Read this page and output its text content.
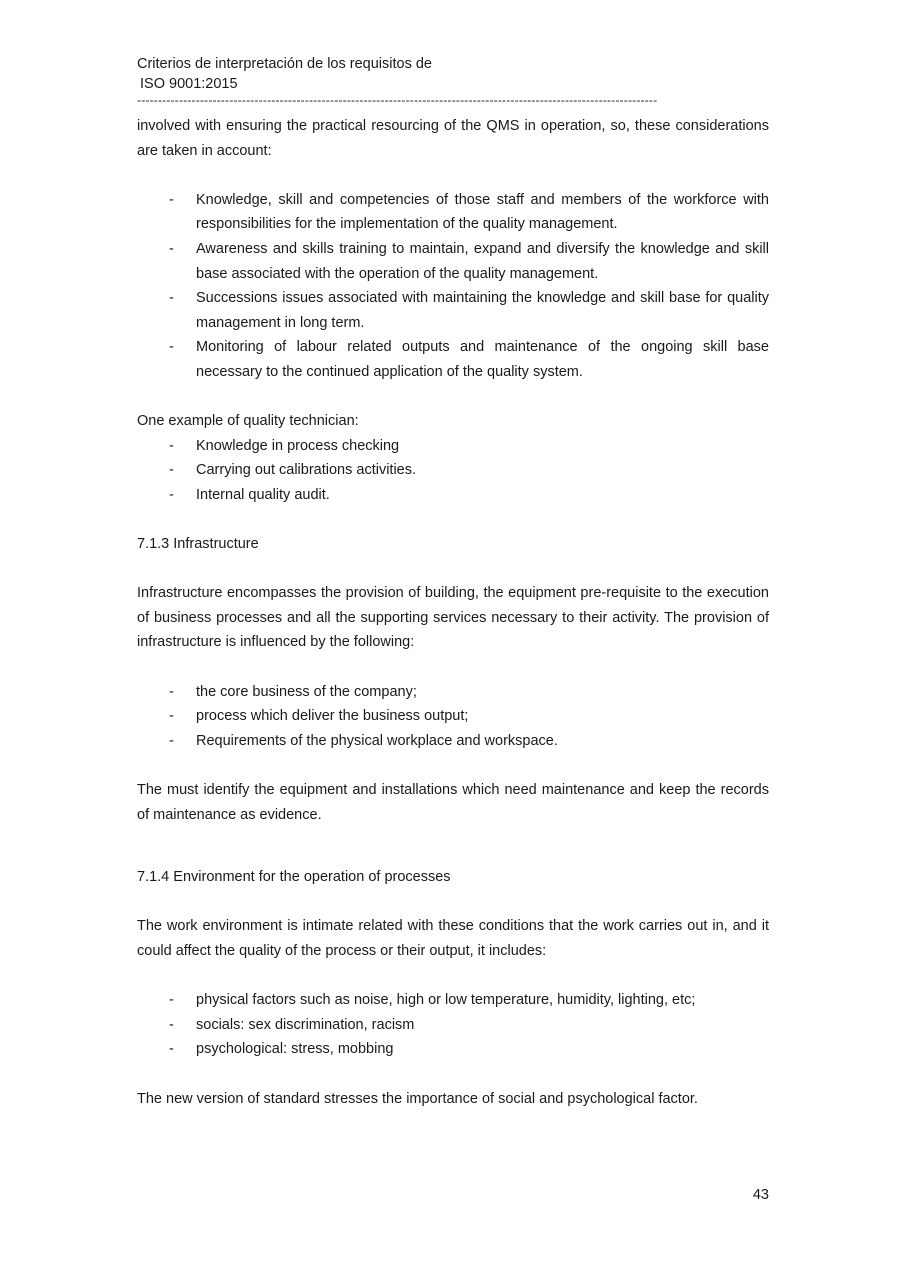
Criterios de interpretación de los requisitos de
ISO 9001:2015
----------------------------------------------------------------------------------------------------------------------------

involved with ensuring the practical resourcing of the QMS in operation, so, these considerations are taken in account:

- Knowledge, skill and competencies of those staff and members of the workforce with responsibilities for the implementation of the quality management.
- Awareness and skills training to maintain, expand and diversify the knowledge and skill base associated with the operation of the quality management.
- Successions issues associated with maintaining the knowledge and skill base for quality management in long term.
- Monitoring of labour related outputs and maintenance of the ongoing skill base necessary to the continued application of the quality system.

One example of quality technician:

- Knowledge in process checking
- Carrying out calibrations activities.
- Internal quality audit.
7.1.3 Infrastructure

Infrastructure encompasses the provision of building, the equipment pre-requisite to the execution of business processes and all the supporting services necessary to their activity. The provision of infrastructure is influenced by the following:

- the core business of the company;
- process which deliver the business output;
- Requirements of the physical workplace and workspace.

The must identify the equipment and installations which need maintenance and keep the records of maintenance as evidence.

7.1.4 Environment for the operation of processes

The work environment is intimate related with these conditions that the work carries out in, and it could affect the quality of the process or their output, it includes:

- physical factors such as noise, high or low temperature, humidity, lighting, etc;
- socials: sex discrimination, racism
- psychological: stress, mobbing

The new version of standard stresses the importance of social and psychological factor.

43
